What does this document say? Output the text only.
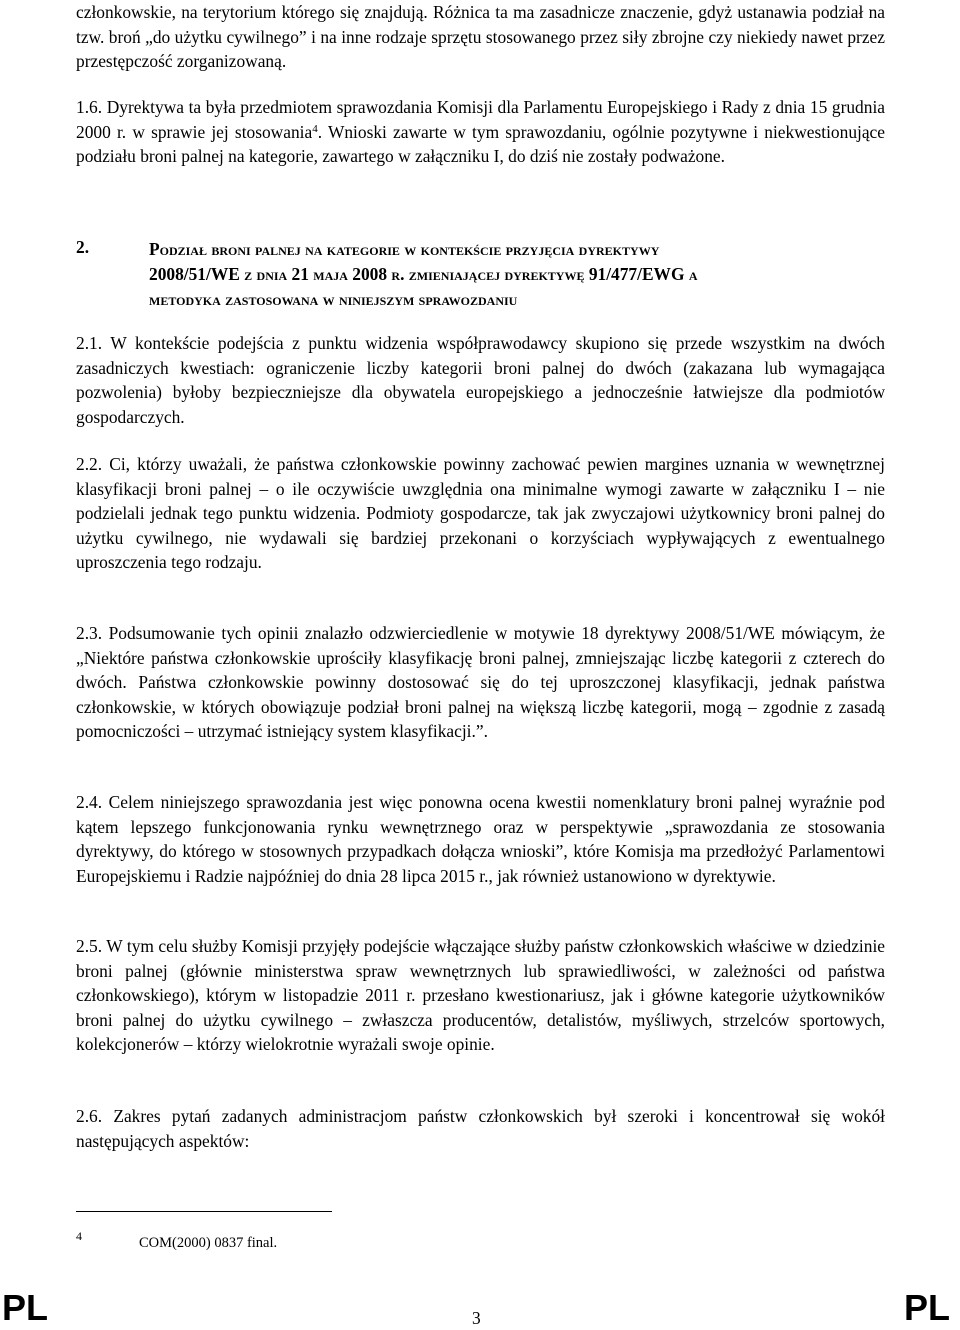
członkowskie, na terytorium którego się znajdują. Różnica ta ma zasadnicze znaczenie, gdyż ustanawia podział na tzw. broń „do użytku cywilnego” i na inne rodzaje sprzętu stosowanego przez siły zbrojne czy niekiedy nawet przez przestępczość zorganizowaną.

1.6. Dyrektywa ta była przedmiotem sprawozdania Komisji dla Parlamentu Europejskiego i Rady z dnia 15 grudnia 2000 r. w sprawie jej stosowania$^4$. Wnioski zawarte w tym sprawozdaniu, ogólnie pozytywne i niekwestionujące podziału broni palnej na kategorie, zawartego w załączniku I, do dziś nie zostały podważone.

2.	Podział broni palnej na kategorie w kontekście przyjęcia dyrektywy
2008/51/WE z dnia 21 maja 2008 r. zmieniającej dyrektywę 91/477/EWG a
metodyka zastosowana w niniejszym sprawozdaniu

2.1. W kontekście podejścia z punktu widzenia współprawodawcy skupiono się przede wszystkim na dwóch zasadniczych kwestiach: ograniczenie liczby kategorii broni palnej do dwóch (zakazana lub wymagająca pozwolenia) byłoby bezpieczniejsze dla obywatela europejskiego a jednocześnie łatwiejsze dla podmiotów gospodarczych.

2.2. Ci, którzy uważali, że państwa członkowskie powinny zachować pewien margines uznania w wewnętrznej klasyfikacji broni palnej – o ile oczywiście uwzględnia ona minimalne wymogi zawarte w załączniku I – nie podzielali jednak tego punktu widzenia. Podmioty gospodarcze, tak jak zwyczajowi użytkownicy broni palnej do użytku cywilnego, nie wydawali się bardziej przekonani o korzyściach wypływających z ewentualnego uproszczenia tego rodzaju.

2.3. Podsumowanie tych opinii znalazło odzwierciedlenie w motywie 18 dyrektywy 2008/51/WE mówiącym, że „Niektóre państwa członkowskie uprościły klasyfikację broni palnej, zmniejszając liczbę kategorii z czterech do dwóch. Państwa członkowskie powinny dostosować się do tej uproszczonej klasyfikacji, jednak państwa członkowskie, w których obowiązuje podział broni palnej na większą liczbę kategorii, mogą – zgodnie z zasadą pomocniczości – utrzymać istniejący system klasyfikacji.”.

2.4. Celem niniejszego sprawozdania jest więc ponowna ocena kwestii nomenklatury broni palnej wyraźnie pod kątem lepszego funkcjonowania rynku wewnętrznego oraz w perspektywie „sprawozdania ze stosowania dyrektywy, do którego w stosownych przypadkach dołącza wnioski”, które Komisja ma przedłożyć Parlamentowi Europejskiemu i Radzie najpóźniej do dnia 28 lipca 2015 r., jak również ustanowiono w dyrektywie.

2.5. W tym celu służby Komisji przyjęły podejście włączające służby państw członkowskich właściwe w dziedzinie broni palnej (głównie ministerstwa spraw wewnętrznych lub sprawiedliwości, w zależności od państwa członkowskiego), którym w listopadzie 2011 r. przesłano kwestionariusz, jak i główne kategorie użytkowników broni palnej do użytku cywilnego – zwłaszcza producentów, detalistów, myśliwych, strzelców sportowych, kolekcjonerów – którzy wielokrotnie wyrażali swoje opinie.

2.6. Zakres pytań zadanych administracjom państw członkowskich był szeroki i koncentrował się wokół następujących aspektów:

4	COM(2000) 0837 final.
PL	3	PL
